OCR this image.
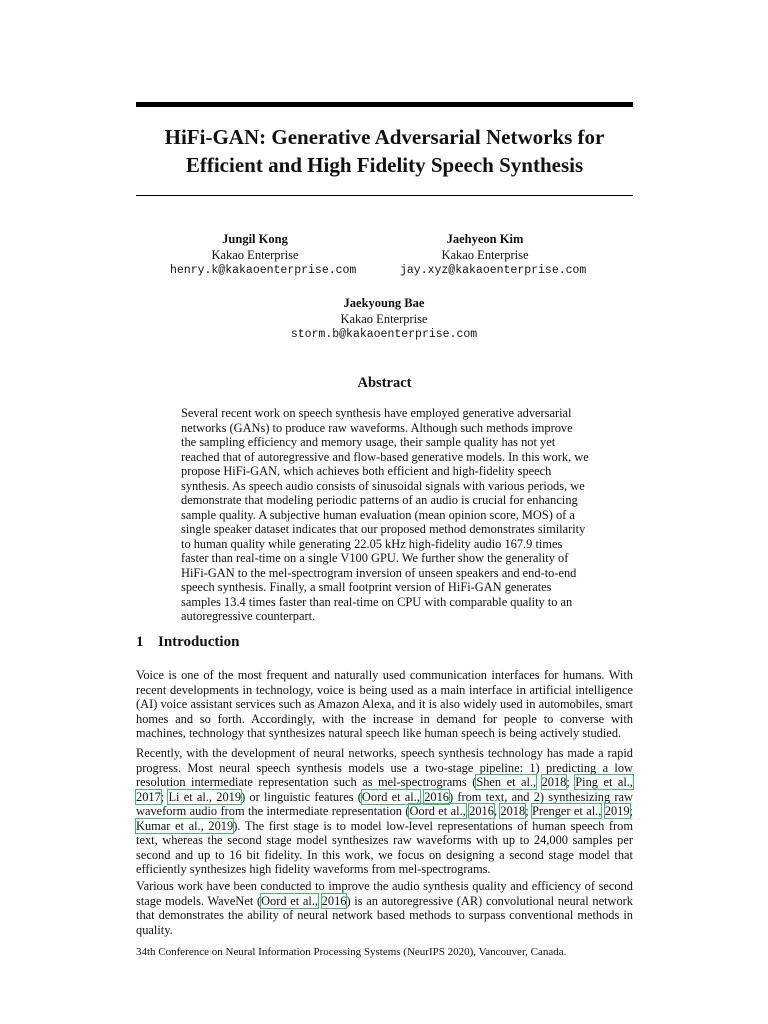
HiFi-GAN: Generative Adversarial Networks for
Efficient and High Fidelity Speech Synthesis
Jungil Kong
Kakao Enterprise
henry.k@kakaoenterprise.com
Jaehyeon Kim
Kakao Enterprise
jay.xyz@kakaoenterprise.com
Jaekyoung Bae
Kakao Enterprise
storm.b@kakaoenterprise.com
Abstract

Several recent work on speech synthesis have employed generative adversarial networks (GANs) to produce raw waveforms. Although such methods improve the sampling efficiency and memory usage, their sample quality has not yet reached that of autoregressive and flow-based generative models. In this work, we propose HiFi-GAN, which achieves both efficient and high-fidelity speech synthesis. As speech audio consists of sinusoidal signals with various periods, we demonstrate that modeling periodic patterns of an audio is crucial for enhancing sample quality. A subjective human evaluation (mean opinion score, MOS) of a single speaker dataset indicates that our proposed method demonstrates similarity to human quality while generating 22.05 kHz high-fidelity audio 167.9 times faster than real-time on a single V100 GPU. We further show the generality of HiFi-GAN to the mel-spectrogram inversion of unseen speakers and end-to-end speech synthesis. Finally, a small footprint version of HiFi-GAN generates samples 13.4 times faster than real-time on CPU with comparable quality to an autoregressive counterpart.

1 Introduction

Voice is one of the most frequent and naturally used communication interfaces for humans. With recent developments in technology, voice is being used as a main interface in artificial intelligence (AI) voice assistant services such as Amazon Alexa, and it is also widely used in automobiles, smart homes and so forth. Accordingly, with the increase in demand for people to converse with machines, technology that synthesizes natural speech like human speech is being actively studied.

Recently, with the development of neural networks, speech synthesis technology has made a rapid progress. Most neural speech synthesis models use a two-stage pipeline: 1) predicting a low resolution intermediate representation such as mel-spectrograms (Shen et al., 2018; Ping et al., 2017; Li et al., 2019) or linguistic features (Oord et al., 2016) from text, and 2) synthesizing raw waveform audio from the intermediate representation (Oord et al., 2016, 2018; Prenger et al., 2019; Kumar et al., 2019). The first stage is to model low-level representations of human speech from text, whereas the second stage model synthesizes raw waveforms with up to 24,000 samples per second and up to 16 bit fidelity. In this work, we focus on designing a second stage model that efficiently synthesizes high fidelity waveforms from mel-spectrograms.

Various work have been conducted to improve the audio synthesis quality and efficiency of second stage models. WaveNet (Oord et al., 2016) is an autoregressive (AR) convolutional neural network that demonstrates the ability of neural network based methods to surpass conventional methods in quality.

34th Conference on Neural Information Processing Systems (NeurIPS 2020), Vancouver, Canada.
